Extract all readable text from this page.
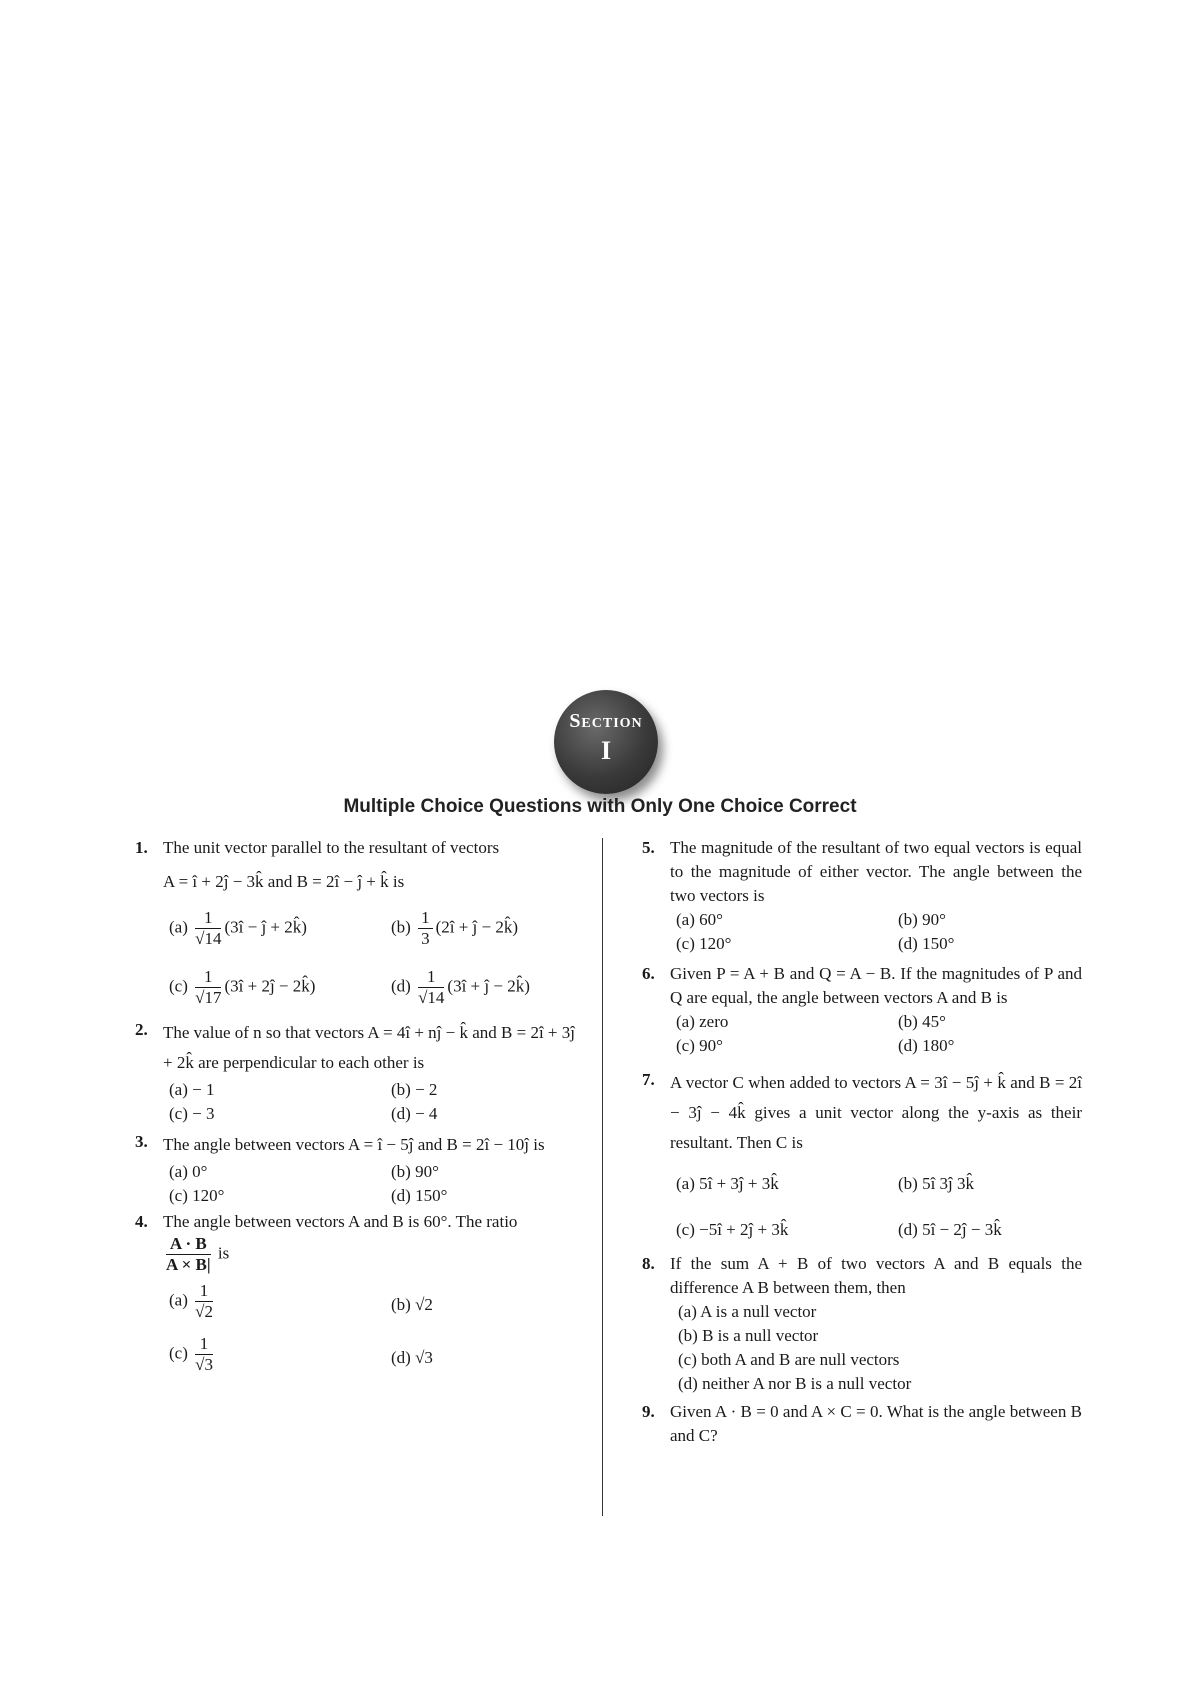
Section
I
Multiple Choice Questions with Only One Choice Correct
1. The unit vector parallel to the resultant of vectors
A = î + 2ĵ − 3k̂ and B = 2î − ĵ + k̂ is
$(a) \frac{1}{√14}$ (3î − ĵ + 2k̂)	$(b) \frac{1}{3}$ (2î + ĵ − 2k̂)
$(c) \frac{1}{√17}$ (3î + 2ĵ − 2k̂)	$(d) \frac{1}{√14}$ (3î + ĵ − 2k̂)
2. The value of n so that vectors A = 4î + nĵ − k̂ and B = 2î + 3ĵ + 2k̂ are perpendicular to each other is
(a) − 1	(b) − 2
(c) − 3	(d) − 4
3. The angle between vectors A = î − 5ĵ and B = 2î − 10ĵ is
(a) 0°	(b) 90°
(c) 120°	(d) 150°
4. The angle between vectors A and B is 60°. The ratio
$\frac{A \cdot B}{A \times B|}$ is
$(a) \frac{1}{√2}$	(b) √2
$(c) \frac{1}{√3}$	(d) √3
5. The magnitude of the resultant of two equal vectors is equal to the magnitude of either vector. The angle between the two vectors is
(a) 60°	(b) 90°
(c) 120°	(d) 150°
6. Given P = A + B and Q = A − B. If the magnitudes of P and Q are equal, the angle between vectors A and B is
(a) zero	(b) 45°
(c) 90°	(d) 180°
7. A vector C when added to vectors A = 3î − 5ĵ + k̂ and B = 2î − 3ĵ − 4k̂ gives a unit vector along the y-axis as their resultant. Then C is
(a) 5î + 3ĵ + 3k̂	(b) 5î 3ĵ 3k̂
(c) −5î + 2ĵ + 3k̂	(d) 5î − 2ĵ − 3k̂
8. If the sum A + B of two vectors A and B equals the difference A B between them, then
(a) A is a null vector
(b) B is a null vector
(c) both A and B are null vectors
(d) neither A nor B is a null vector
9. Given A · B = 0 and A × C = 0. What is the angle between B and C?
